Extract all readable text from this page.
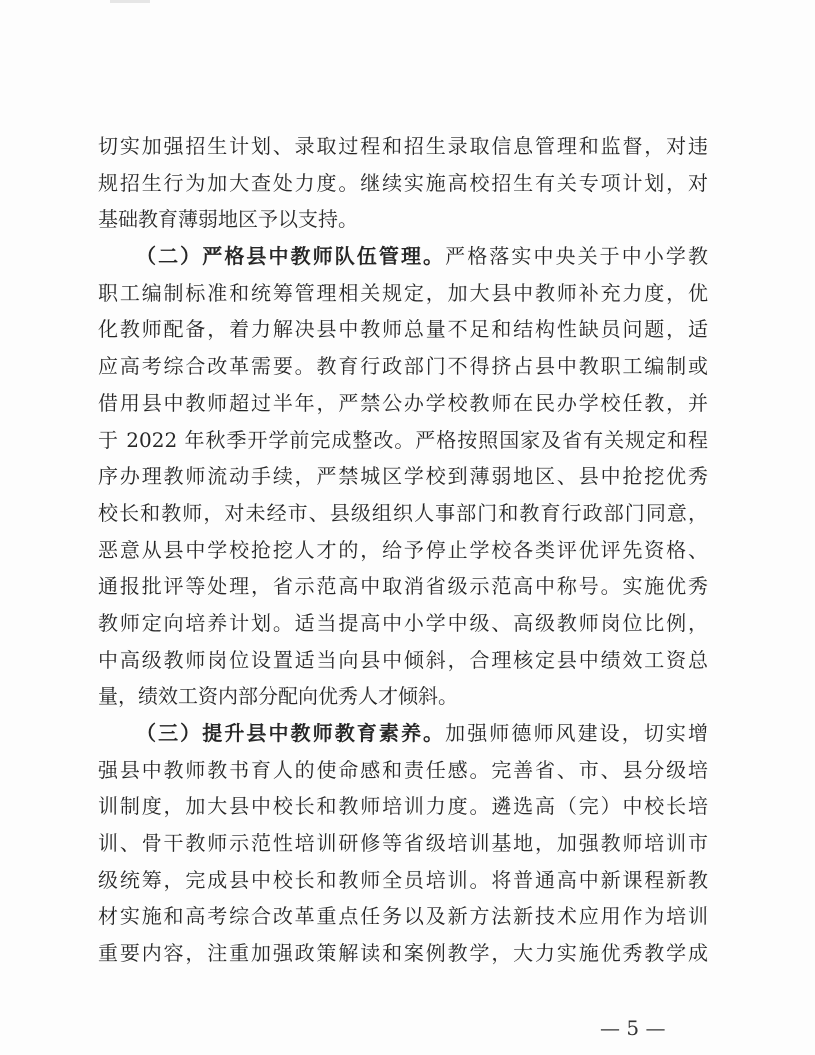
切实加强招生计划、录取过程和招生录取信息管理和监督，对违
规招生行为加大查处力度。继续实施高校招生有关专项计划，对
基础教育薄弱地区予以支持。
（二）严格县中教师队伍管理。严格落实中央关于中小学教
职工编制标准和统筹管理相关规定，加大县中教师补充力度，优
化教师配备，着力解决县中教师总量不足和结构性缺员问题，适
应高考综合改革需要。教育行政部门不得挤占县中教职工编制或
借用县中教师超过半年，严禁公办学校教师在民办学校任教，并
于 2022 年秋季开学前完成整改。严格按照国家及省有关规定和程
序办理教师流动手续，严禁城区学校到薄弱地区、县中抢挖优秀
校长和教师，对未经市、县级组织人事部门和教育行政部门同意，
恶意从县中学校抢挖人才的，给予停止学校各类评优评先资格、
通报批评等处理，省示范高中取消省级示范高中称号。实施优秀
教师定向培养计划。适当提高中小学中级、高级教师岗位比例，
中高级教师岗位设置适当向县中倾斜，合理核定县中绩效工资总
量，绩效工资内部分配向优秀人才倾斜。
（三）提升县中教师教育素养。加强师德师风建设，切实增
强县中教师教书育人的使命感和责任感。完善省、市、县分级培
训制度，加大县中校长和教师培训力度。遴选高（完）中校长培
训、骨干教师示范性培训研修等省级培训基地，加强教师培训市
级统筹，完成县中校长和教师全员培训。将普通高中新课程新教
材实施和高考综合改革重点任务以及新方法新技术应用作为培训
重要内容，注重加强政策解读和案例教学，大力实施优秀教学成
— 5 —
